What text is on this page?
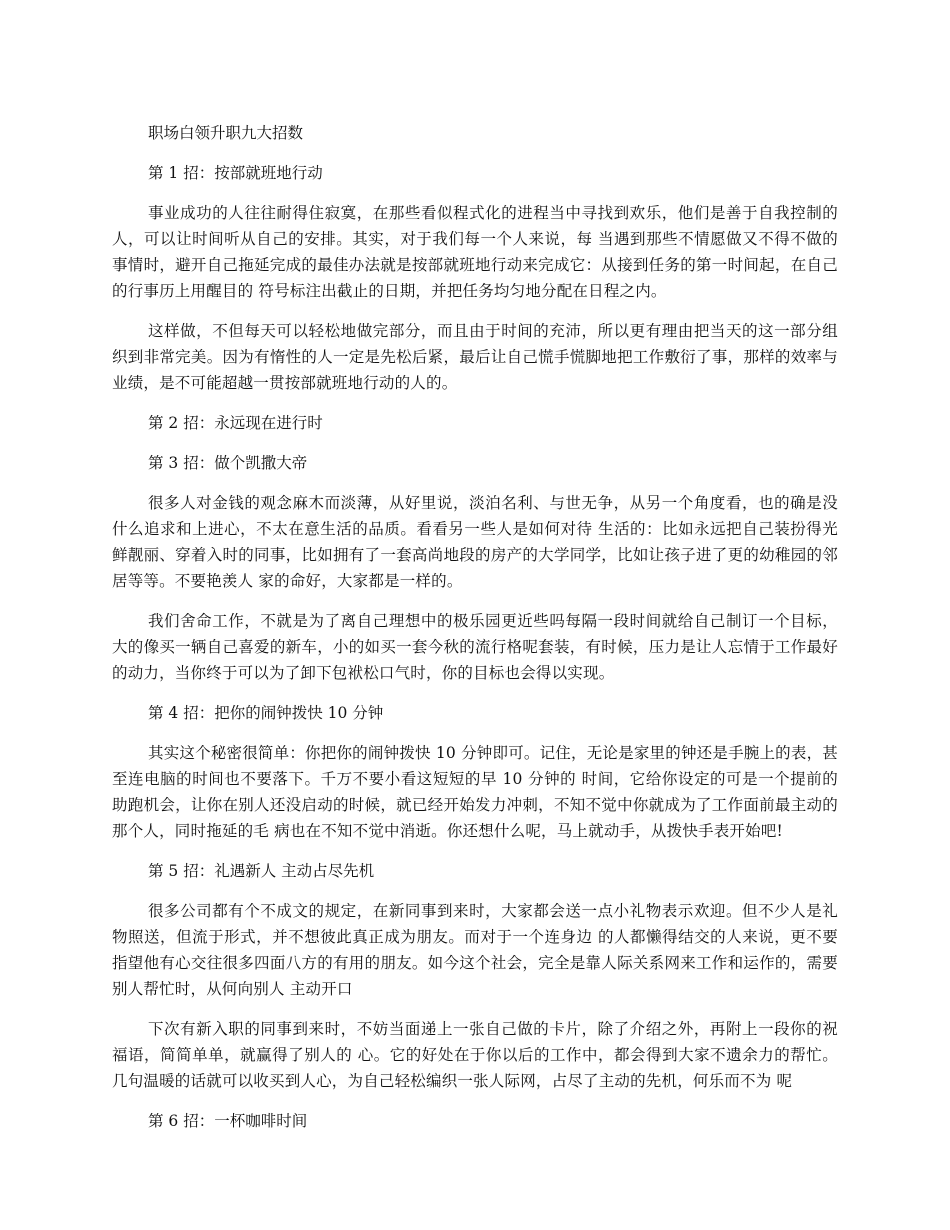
职场白领升职九大招数

第 1 招：按部就班地行动

事业成功的人往往耐得住寂寞，在那些看似程式化的进程当中寻找到欢乐，他们是善于自我控制的人，可以让时间听从自己的安排。其实，对于我们每一个人来说，每 当遇到那些不情愿做又不得不做的事情时，避开自己拖延完成的最佳办法就是按部就班地行动来完成它：从接到任务的第一时间起，在自己的行事历上用醒目的 符号标注出截止的日期，并把任务均匀地分配在日程之内。

这样做，不但每天可以轻松地做完部分，而且由于时间的充沛，所以更有理由把当天的这一部分组织到非常完美。因为有惰性的人一定是先松后紧，最后让自己慌手慌脚地把工作敷衍了事，那样的效率与业绩，是不可能超越一贯按部就班地行动的人的。

第 2 招：永远现在进行时

第 3 招：做个凯撒大帝

很多人对金钱的观念麻木而淡薄，从好里说，淡泊名利、与世无争，从另一个角度看，也的确是没什么追求和上进心，不太在意生活的品质。看看另一些人是如何对待 生活的：比如永远把自己装扮得光鲜靓丽、穿着入时的同事，比如拥有了一套高尚地段的房产的大学同学，比如让孩子进了更的幼稚园的邻居等等。不要艳羡人 家的命好，大家都是一样的。

我们舍命工作，不就是为了离自己理想中的极乐园更近些吗每隔一段时间就给自己制订一个目标，大的像买一辆自己喜爱的新车，小的如买一套今秋的流行格呢套装，有时候，压力是让人忘情于工作最好的动力，当你终于可以为了卸下包袱松口气时，你的目标也会得以实现。

第 4 招：把你的闹钟拨快 10 分钟

其实这个秘密很简单：你把你的闹钟拨快 10 分钟即可。记住，无论是家里的钟还是手腕上的表，甚至连电脑的时间也不要落下。千万不要小看这短短的早 10 分钟的 时间，它给你设定的可是一个提前的助跑机会，让你在别人还没启动的时候，就已经开始发力冲刺，不知不觉中你就成为了工作面前最主动的那个人，同时拖延的毛 病也在不知不觉中消逝。你还想什么呢，马上就动手，从拨快手表开始吧!

第 5 招：礼遇新人 主动占尽先机

很多公司都有个不成文的规定，在新同事到来时，大家都会送一点小礼物表示欢迎。但不少人是礼物照送，但流于形式，并不想彼此真正成为朋友。而对于一个连身边 的人都懒得结交的人来说，更不要指望他有心交往很多四面八方的有用的朋友。如今这个社会，完全是靠人际关系网来工作和运作的，需要别人帮忙时，从何向别人 主动开口

下次有新入职的同事到来时，不妨当面递上一张自己做的卡片，除了介绍之外，再附上一段你的祝福语，简简单单，就赢得了别人的 心。它的好处在于你以后的工作中，都会得到大家不遗余力的帮忙。几句温暖的话就可以收买到人心，为自己轻松编织一张人际网，占尽了主动的先机，何乐而不为 呢

第 6 招：一杯咖啡时间
